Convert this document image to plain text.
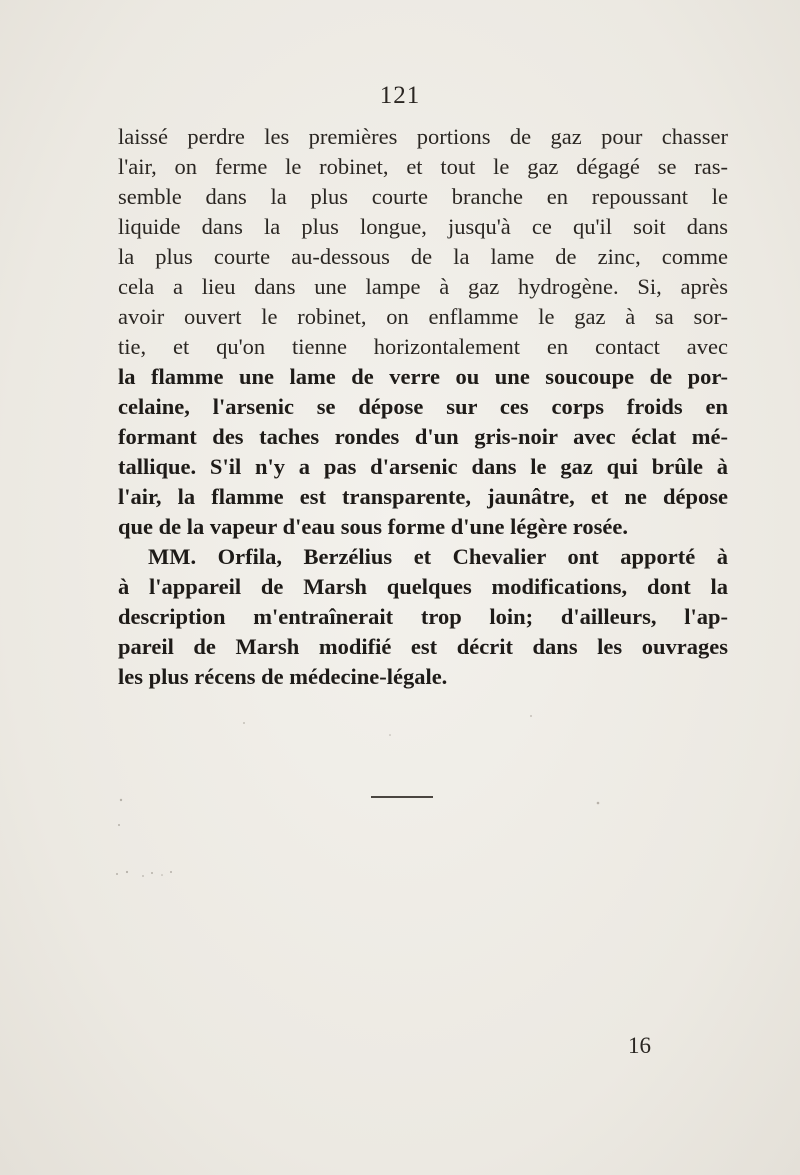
121
laissé perdre les premières portions de gaz pour chasser
l'air, on ferme le robinet, et tout le gaz dégagé se ras-
semble dans la plus courte branche en repoussant le
liquide dans la plus longue, jusqu'à ce qu'il soit dans
la plus courte au-dessous de la lame de zinc, comme
cela a lieu dans une lampe à gaz hydrogène. Si, après
avoir ouvert le robinet, on enflamme le gaz à sa sor-
tie, et qu'on tienne horizontalement en contact avec
la flamme une lame de verre ou une soucoupe de por-
celaine, l'arsenic se dépose sur ces corps froids en
formant des taches rondes d'un gris-noir avec éclat mé-
tallique. S'il n'y a pas d'arsenic dans le gaz qui brûle à
l'air, la flamme est transparente, jaunâtre, et ne dépose
que de la vapeur d'eau sous forme d'une légère rosée.
MM. Orfila, Berzélius et Chevalier ont apporté à
à l'appareil de Marsh quelques modifications, dont la
description m'entraînerait trop loin; d'ailleurs, l'ap-
pareil de Marsh modifié est décrit dans les ouvrages
les plus récens de médecine-légale.
16
